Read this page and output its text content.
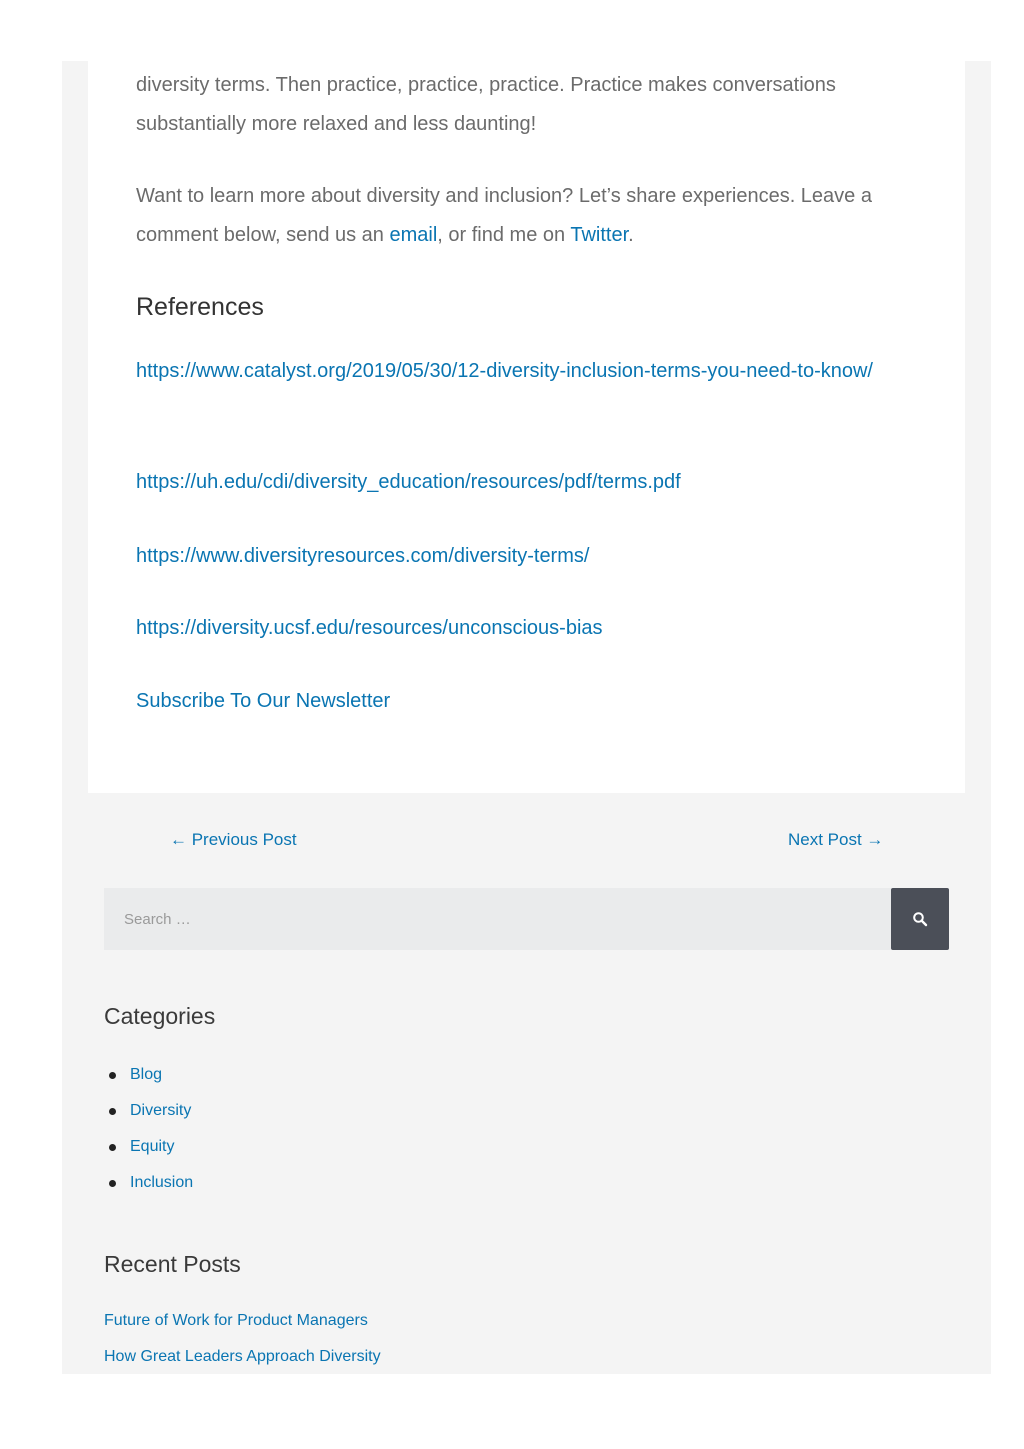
diversity terms. Then practice, practice, practice. Practice makes conversations substantially more relaxed and less daunting!

Want to learn more about diversity and inclusion? Let’s share experiences. Leave a comment below, send us an email, or find me on Twitter.

References
https://www.catalyst.org/2019/05/30/12-diversity-inclusion-terms-you-need-to-know/
https://uh.edu/cdi/diversity_education/resources/pdf/terms.pdf
https://www.diversityresources.com/diversity-terms/
https://diversity.ucsf.edu/resources/unconscious-bias
Subscribe To Our Newsletter
← Previous Post	Next Post →
Search …
Categories
Blog
Diversity
Equity
Inclusion
Recent Posts
Future of Work for Product Managers
How Great Leaders Approach Diversity
